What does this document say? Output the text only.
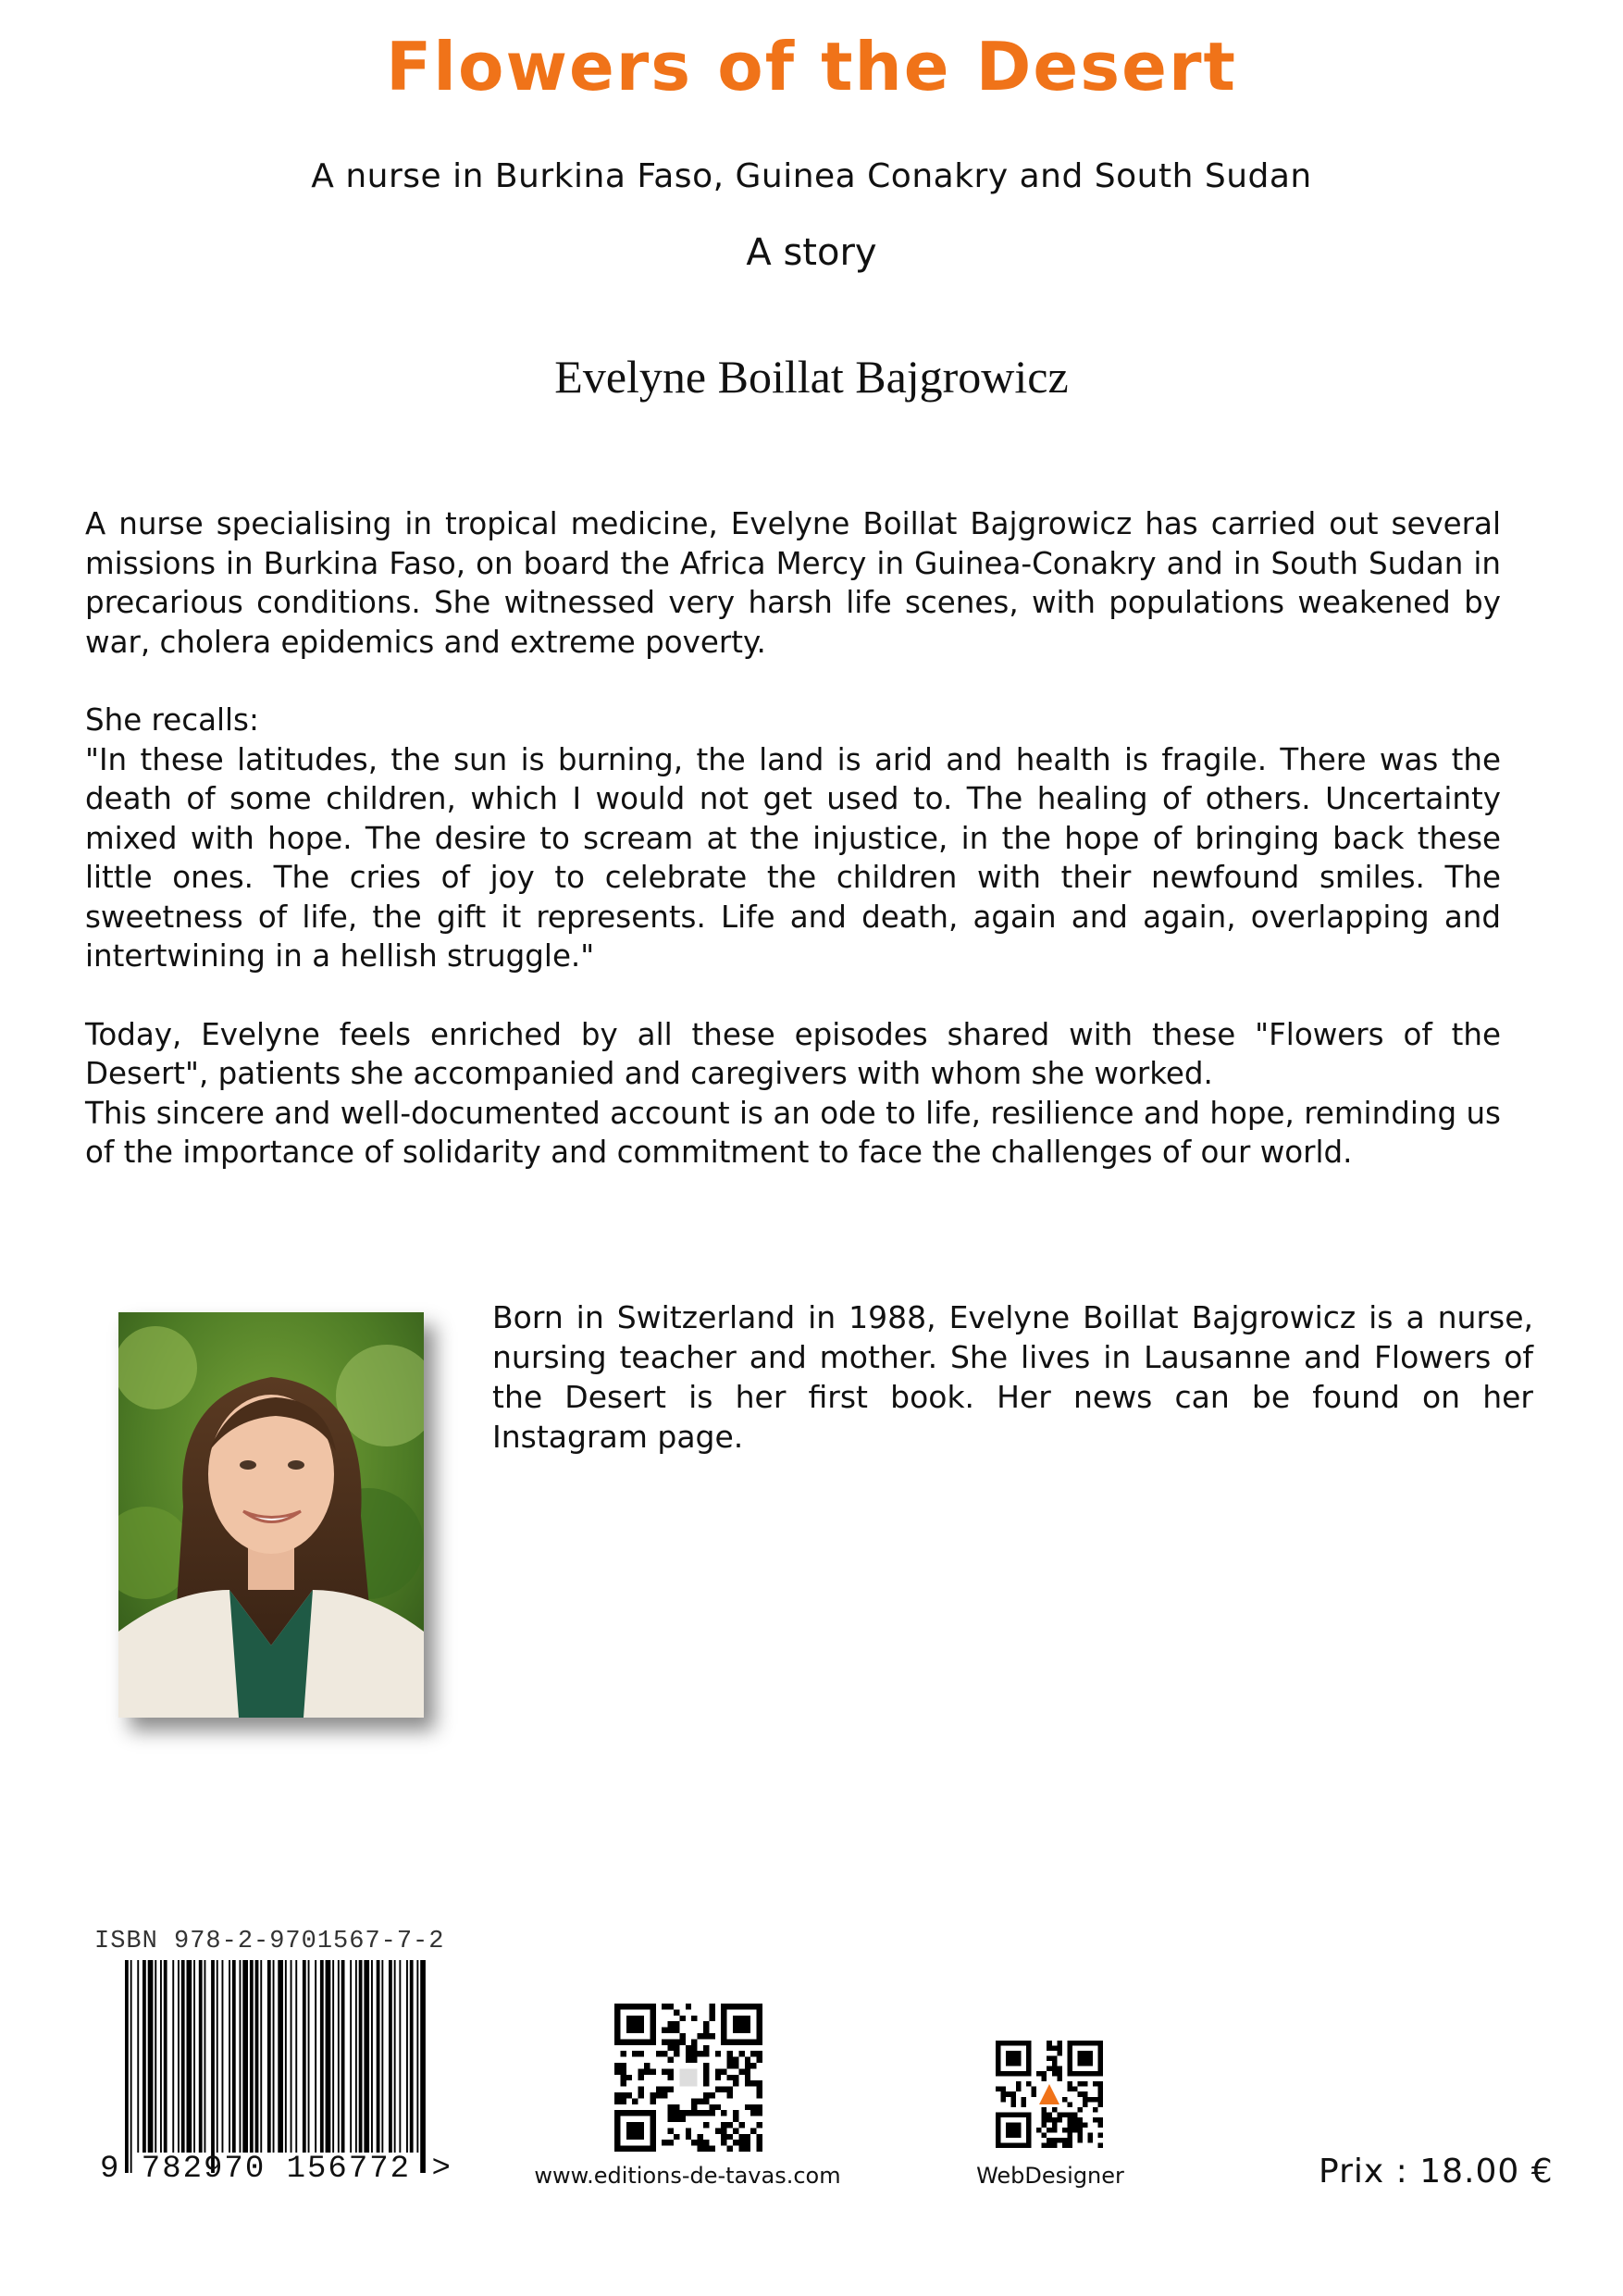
Flowers of the Desert
A nurse in Burkina Faso, Guinea Conakry and South Sudan
A story
Evelyne Boillat Bajgrowicz

A nurse specialising in tropical medicine, Evelyne Boillat Bajgrowicz has carried out several missions in Burkina Faso, on board the Africa Mercy in Guinea-Conakry and in South Sudan in precarious conditions. She witnessed very harsh life scenes, with populations weakened by war, cholera epidemics and extreme poverty.

She recalls:

"In these latitudes, the sun is burning, the land is arid and health is fragile. There was the death of some children, which I would not get used to. The healing of others. Uncertainty mixed with hope. The desire to scream at the injustice, in the hope of bringing back these little ones. The cries of joy to celebrate the children with their newfound smiles. The sweetness of life, the gift it represents. Life and death, again and again, overlapping and intertwining in a hellish struggle."

Today, Evelyne feels enriched by all these episodes shared with these "Flowers of the Desert", patients she accompanied and caregivers with whom she worked.

This sincere and well-documented account is an ode to life, resilience and hope, reminding us of the importance of solidarity and commitment to face the challenges of our world.

Born in Switzerland in 1988, Evelyne Boillat Bajgrowicz is a nurse, nursing teacher and mother. She lives in Lausanne and Flowers of the Desert is her first book. Her news can be found on her Instagram page.
ISBN 978-2-9701567-7-2
9 782970 156772 >	www.editions-de-tavas.com	WebDesigner	Prix : 18.00 €
